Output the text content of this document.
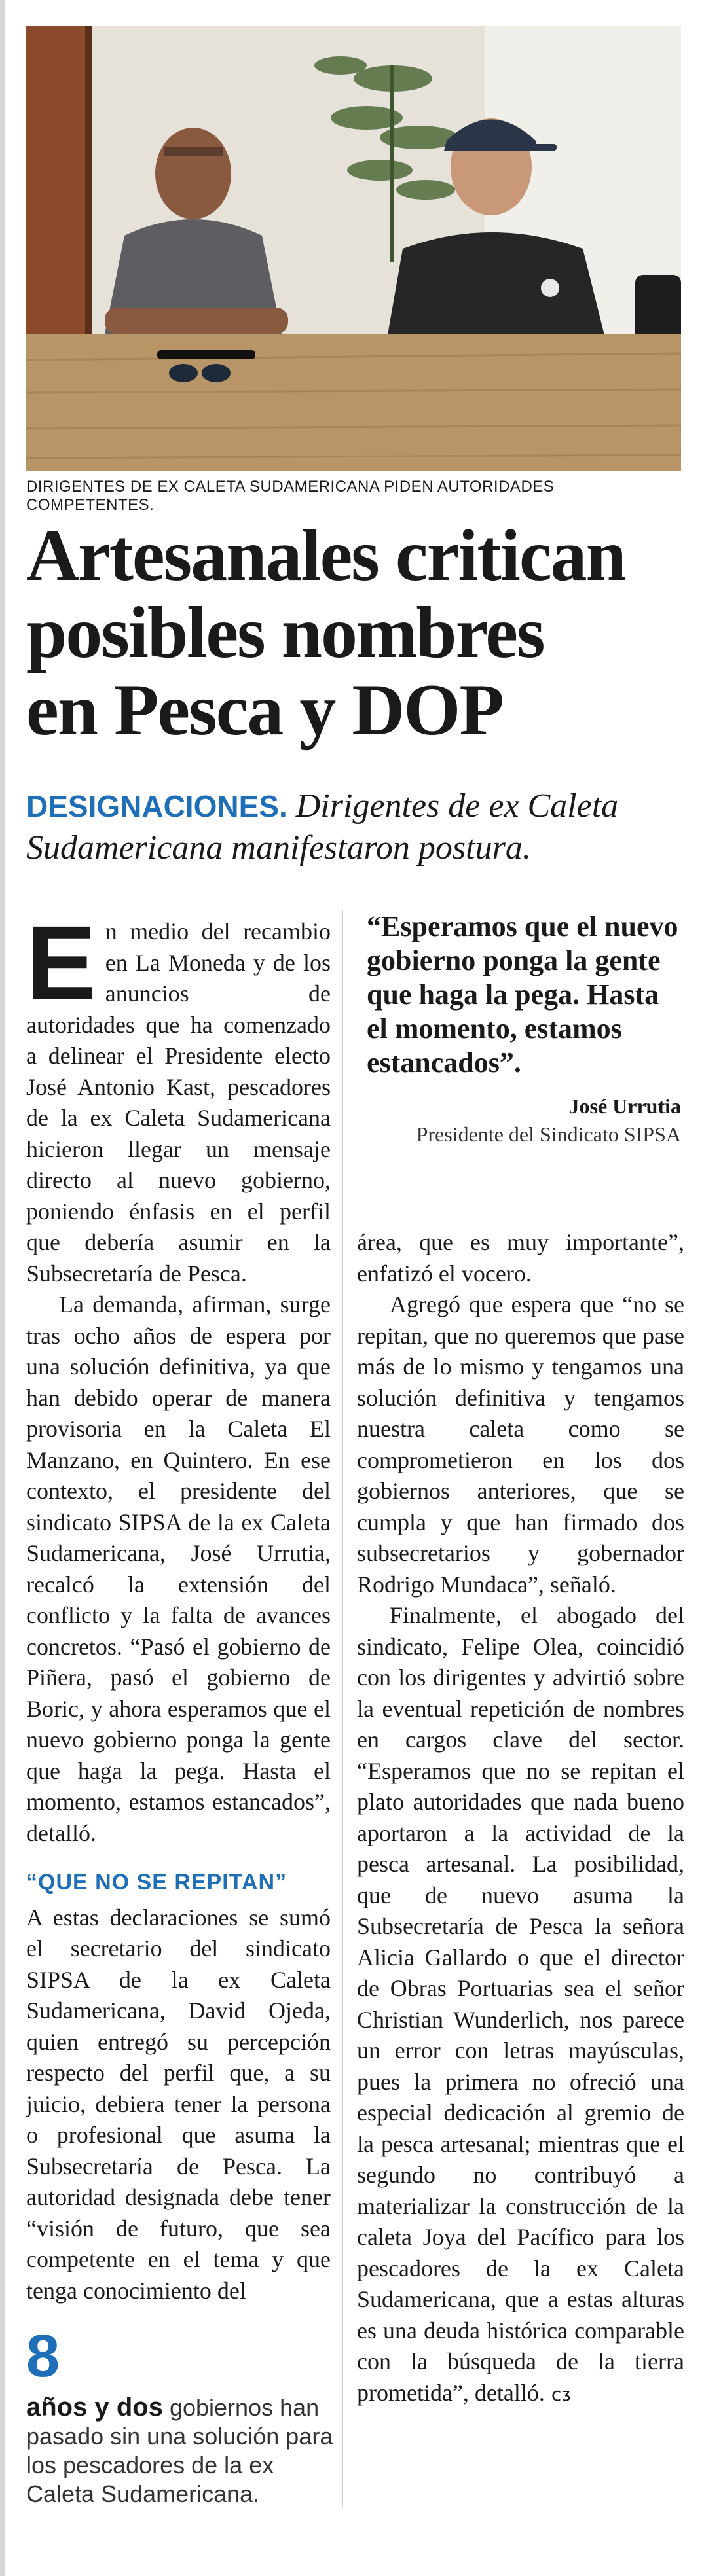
DIRIGENTES DE EX CALETA SUDAMERICANA PIDEN AUTORIDADES COMPETENTES.
Artesanales critican
posibles nombres
en Pesca y DOP
DESIGNACIONES. Dirigentes de ex Caleta Sudamericana manifestaron postura.

En medio del recambio en La Moneda y de los anuncios de autoridades que ha comenzado a delinear el Presidente electo José Antonio Kast, pescadores de la ex Caleta Sudamericana hicieron llegar un mensaje directo al nuevo gobierno, poniendo énfasis en el perfil que debería asumir en la Subsecretaría de Pesca.

La demanda, afirman, surge tras ocho años de espera por una solución definitiva, ya que han debido operar de manera provisoria en la Caleta El Manzano, en Quintero. En ese contexto, el presidente del sindicato SIPSA de la ex Caleta Sudamericana, José Urrutia, recalcó la extensión del conflicto y la falta de avances concretos. “Pasó el gobierno de Piñera, pasó el gobierno de Boric, y ahora esperamos que el nuevo gobierno ponga la gente que haga la pega. Hasta el momento, estamos estancados”, detalló.

“QUE NO SE REPITAN”

A estas declaraciones se sumó el secretario del sindicato SIPSA de la ex Caleta Sudamericana, David Ojeda, quien entregó su percepción respecto del perfil que, a su juicio, debiera tener la persona o profesional que asuma la Subsecretaría de Pesca. La autoridad designada debe tener “visión de futuro, que sea competente en el tema y que tenga conocimiento del

“Esperamos que el nuevo gobierno ponga la gente que haga la pega. Hasta el momento, estamos estancados”.
José Urrutia
Presidente del Sindicato SIPSA

área, que es muy importante”, enfatizó el vocero.

Agregó que espera que “no se repitan, que no queremos que pase más de lo mismo y tengamos una solución definitiva y tengamos nuestra caleta como se comprometieron en los dos gobiernos anteriores, que se cumpla y que han firmado dos subsecretarios y gobernador Rodrigo Mundaca”, señaló.

Finalmente, el abogado del sindicato, Felipe Olea, coincidió con los dirigentes y advirtió sobre la eventual repetición de nombres en cargos clave del sector. “Esperamos que no se repitan el plato autoridades que nada bueno aportaron a la actividad de la pesca artesanal. La posibilidad, que de nuevo asuma la Subsecretaría de Pesca la señora Alicia Gallardo o que el director de Obras Portuarias sea el señor Christian Wunderlich, nos parece un error con letras mayúsculas, pues la primera no ofreció una especial dedicación al gremio de la pesca artesanal; mientras que el segundo no contribuyó a materializar la construcción de la caleta Joya del Pacífico para los pescadores de la ex Caleta Sudamericana, que a estas alturas es una deuda histórica comparable con la búsqueda de la tierra prometida”, detalló. ᴄᴣ

8
años y dos gobiernos han pasado sin una solución para los pescadores de la ex Caleta Sudamericana.
